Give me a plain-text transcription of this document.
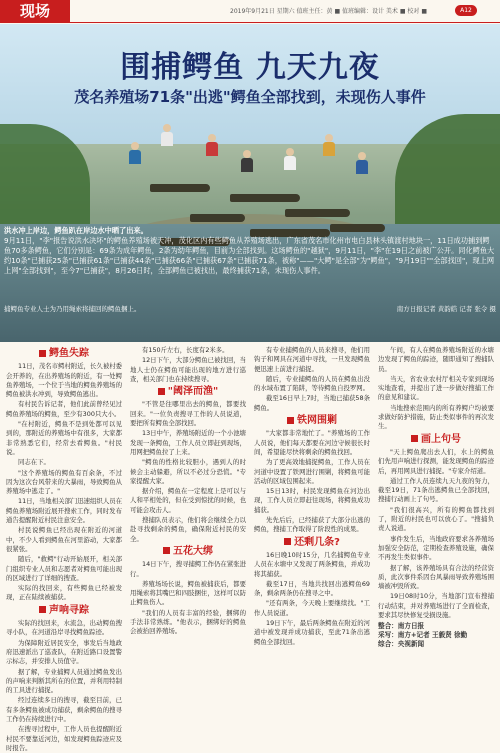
现场	2019年9月21日 星期六 值班主任：黄 ■ 值班编辑：设计 美术 ■ 校对 ■	A12
围捕鳄鱼 九天九夜
茂名养殖场71条"出逃"鳄鱼全部找到，未现伤人事件
洪水冲上岸边，鳄鱼趴在岸边水中晒了出来。
9月11日，"李"报告说洪水决坏"的鳄鱼养殖场被天冲，茂化区内有些鳄鱼从养殖场逃出，广东省茂名市化州市电白县林头镇渡村地块一，11日成功捕到鳄鱼70多条鳄鱼，它们分别是：69条为成年鳄鱼，2条为幼年鳄鱼，目前为全部找到。这场鳄鱼的"越狱"，9月11日，"李"在19日之前被广公开。同化鳄鱼大约10条"已捕获25条"已捕获61条"已捕获44条"已捕获66条"已捕获67条"已捕获71条，被称"——"大鳄"是全部"为"鳄鱼"，"9月19日""全部找回"，现上网上网"全部找到"，至今7"已捕获"，8月26日时，全部鳄鱼已被找出，最终捕获71条，未现伤人事件。
捕鳄鱼专业人士为乃用绳索将捕回的鳄鱼捆上。	南方日报记者 黄韵皓 记者 张令 摄
鳄鱼失踪

11日，茂名市鳄村附近，长久被村委会开养的，在出养殖场的附近，有一处鳄鱼养殖场，一个位于当地的鳄鱼养殖场的鳄鱼被洪水冲到，导致鳄鱼逃出。

有村民告诉记者，他们此前曾经见过鳄鱼养殖场的鳄鱼，至少有300只大小。

"在村附近，鳄鱼不是到处都可以见到的，那附近的养殖场中有很多，大家都非常熟悉它们，经常去看鳄鱼。"村民说。

同志在下。

"这个养殖场的鳄鱼有百余条，不过因为这次台风带来的大暴雨，导致鳄鱼从养殖场中逃走了。"

11日，当地相关部门迅速组织人员在鳄鱼养殖场附近展开搜索工作，同时发布通告提醒附近村民注意安全。

村民说鳄鱼已经出现在附近的河道中，不少人看到鳄鱼在河里游动，大家都很紧张。

随后，"救鳄"行动开始展开，相关部门组织专业人员和志愿者对鳄鱼可能出现的区域进行了详细的搜查。

实际的找回来，有些鳄鱼已经被发现，正在陆续被捕获。

声响寻踪

实际的找回来，水流急，出动鳄鱼搜寻小队，在河道沿岸寻找鳄鱼踪迹。

为保障附近居民安全，事发后当地政府迅速派出了巡查队，在附近路口设置警示标志，并安排人员值守。

据了解，专业捕鳄人员通过鳄鱼发出的声响来判断其所在的位置，并利用特制的工具进行捕捉。

经过连续多日的搜寻，截至目前，已有多条鳄鱼被成功捕获，剩余鳄鱼的搜寻工作仍在持续进行中。

在搜寻过程中，工作人员也提醒附近村民不要靠近河边，如发现鳄鱼踪迹应及时报告。

有150斤左右，长度有2米多。

12日下午，大部分鳄鱼已被找回，当地人士仍在鳄鱼可能出现的地方进行巡查，相关部门也在持续搜寻。

"阈泽而渔"

"不管是往哪里出去的鳄鱼，都要找回来。"一位负责搜寻工作的人员说道，要把所有鳄鱼全部找回。

13日中午，养殖场附近的一个小池塘发现一条鳄鱼，工作人员立即赶到现场，用网把鳄鱼拉了上来。

"鳄鱼的性格比较胆小，遇到人的时候会主动躲避，所以不必过分恐慌。"专家提醒大家。

据介绍，鳄鱼在一定程度上是可以与人和平相处的，但在受到惊扰的时候，也可能会攻击人。

搜捕队员表示，他们将会继续全力以赴寻找剩余的鳄鱼，确保附近村民的安全。

五花大绑

14日下午，搜寻捕鳄工作仍在紧张进行。

养殖场场长说，鳄鱼被捕获后，都要用绳索将其嘴巴和四肢捆住，这样可以防止鳄鱼伤人。

"我们的人员有丰富的经验，捆绑的手法非常熟练。"他表示，捆绑好的鳄鱼会被抬回养殖场。

有专业捕鳄鱼的人员来搜寻，他们用钩子和网具在河道中寻找，一旦发现鳄鱼便迅速上前进行捕捉。

随后，专业捕鳄鱼的人员在鳄鱼出没的水域布置了陷阱，等待鳄鱼自投罗网。

截至16日早上7时，当地已捕获58条鳄鱼。

铁网围剿

"大家都非常地忙了。"养殖场的工作人员说，他们每天都要在河边守候很长时间，希望能尽快将剩余的鳄鱼找回。

为了更高效地捕捉鳄鱼，工作人员在河道中设置了铁网进行围剿，将鳄鱼可能活动的区域包围起来。

15日13时，村民发现鳄鱼在河边出现，工作人员立即赶往现场，将鳄鱼成功捕获。

先先后后，已经捕获了大部分出逃的鳄鱼，搜捕工作取得了阶段性的成果。

还剩几条?

16日晚10时15分，几名捕鳄鱼专业人员在水塘中又发现了两条鳄鱼，并成功将其捕获。

截至17日，当地共找回出逃鳄鱼69条，剩余两条仍在搜寻之中。

"还有两条，今天晚上要继续找。"工作人员说道。

19日下午，最后两条鳄鱼在附近的河道中被发现并成功捕获，至此71条出逃鳄鱼全部找回。

午间，有人在鳄鱼养殖场附近的水塘边发现了鳄鱼的踪迹，随即通知了搜捕队员。

当天，省农业农村厅相关专家到现场实地查看，并提出了进一步做好搜捕工作的意见和建议。

当地搜索范围内的所有养鳄户均被要求做好防护措施，防止类似事件的再次发生。

画上句号

"天上鳄鱼爬出去人们，水上的鳄鱼们先用声响进行探测，能发现鳄鱼的踪迹后，再用网具进行捕捉。"专家介绍道。

通过工作人员连续九天九夜的努力，截至19日，71条出逃鳄鱼已全部找回，搜捕行动画上了句号。

"我们很高兴，所有的鳄鱼都找到了，附近的村民也可以放心了。"搜捕负责人说道。

事件发生后，当地政府要求各养殖场加强安全防范，定期检查养殖设施，确保不再发生类似事件。

据了解，该养殖场具有合法的经营资质，此次事件系因台风暴雨导致养殖场围墙被冲毁所致。

19日08时10分，当地部门宣布搜捕行动结束，并对养殖场进行了全面检查，要求其尽快修复受损设施。

整合：南方日报
采写：南方+记者 王毅贤 徐勤
综合：央视新闻
